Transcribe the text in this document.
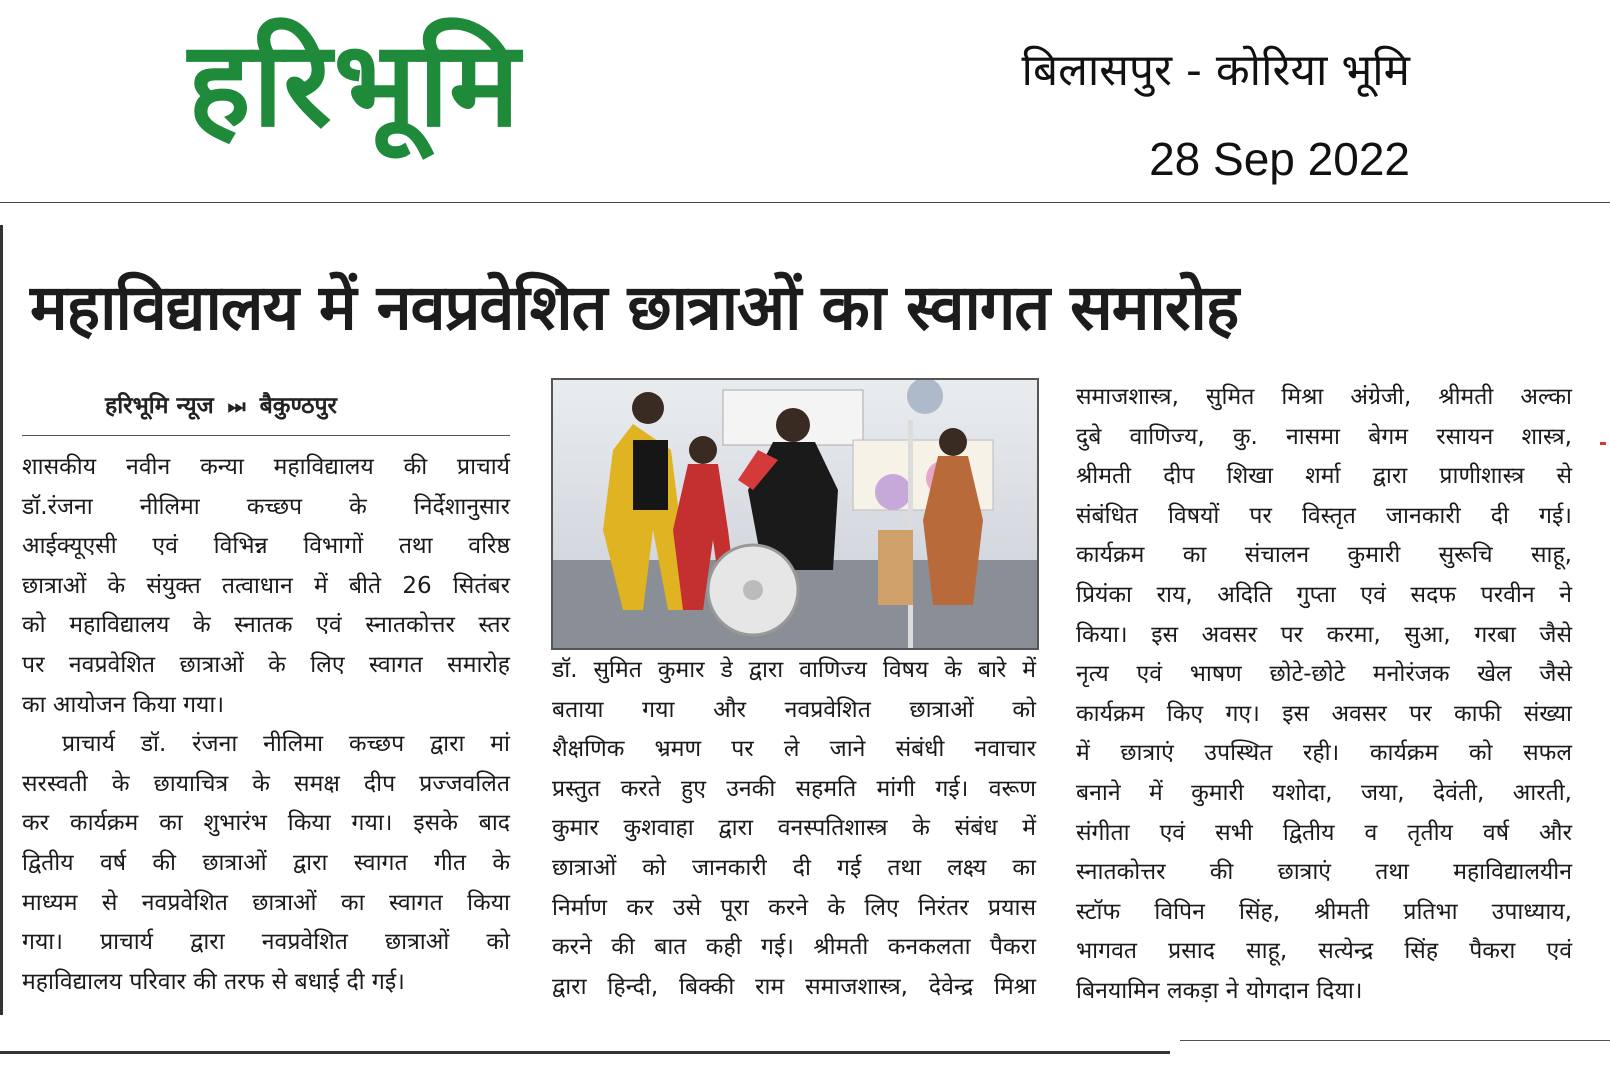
हरिभूमि	बिलासपुर - कोरिया भूमि
28 Sep 2022
महाविद्यालय में नवप्रवेशित छात्राओं का स्वागत समारोह
हरिभूमि न्यूज ⏭ बैकुण्ठपुर

शासकीय नवीन कन्या महाविद्यालय की प्राचार्य

डॉ.रंजना नीलिमा कच्छप के निर्देशानुसार

आईक्यूएसी एवं विभिन्न विभागों तथा वरिष्ठ

छात्राओं के संयुक्त तत्वाधान में बीते 26 सितंबर

को महाविद्यालय के स्नातक एवं स्नातकोत्तर स्तर

पर नवप्रवेशित छात्राओं के लिए स्वागत समारोह

का आयोजन किया गया।

प्राचार्य डॉ. रंजना नीलिमा कच्छप द्वारा मां

सरस्वती के छायाचित्र के समक्ष दीप प्रज्जवलित

कर कार्यक्रम का शुभारंभ किया गया। इसके बाद

द्वितीय वर्ष की छात्राओं द्वारा स्वागत गीत के

माध्यम से नवप्रवेशित छात्राओं का स्वागत किया

गया। प्राचार्य द्वारा नवप्रवेशित छात्राओं को

महाविद्यालय परिवार की तरफ से बधाई दी गई।

डॉ. सुमित कुमार डे द्वारा वाणिज्य विषय के बारे में

बताया गया और नवप्रवेशित छात्राओं को

शैक्षणिक भ्रमण पर ले जाने संबंधी नवाचार

प्रस्तुत करते हुए उनकी सहमति मांगी गई। वरूण

कुमार कुशवाहा द्वारा वनस्पतिशास्त्र के संबंध में

छात्राओं को जानकारी दी गई तथा लक्ष्य का

निर्माण कर उसे पूरा करने के लिए निरंतर प्रयास

करने की बात कही गई। श्रीमती कनकलता पैकरा

द्वारा हिन्दी, बिक्की राम समाजशास्त्र, देवेन्द्र मिश्रा

समाजशास्त्र, सुमित मिश्रा अंग्रेजी, श्रीमती अल्का

दुबे वाणिज्य, कु. नासमा बेगम रसायन शास्त्र,

श्रीमती दीप शिखा शर्मा द्वारा प्राणीशास्त्र से

संबंधित विषयों पर विस्तृत जानकारी दी गई।

कार्यक्रम का संचालन कुमारी सुरूचि साहू,

प्रियंका राय, अदिति गुप्ता एवं सदफ परवीन ने

किया। इस अवसर पर करमा, सुआ, गरबा जैसे

नृत्य एवं भाषण छोटे-छोटे मनोरंजक खेल जैसे

कार्यक्रम किए गए। इस अवसर पर काफी संख्या

में छात्राएं उपस्थित रही। कार्यक्रम को सफल

बनाने में कुमारी यशोदा, जया, देवंती, आरती,

संगीता एवं सभी द्वितीय व तृतीय वर्ष और

स्नातकोत्तर की छात्राएं तथा महाविद्यालयीन

स्टॉफ विपिन सिंह, श्रीमती प्रतिभा उपाध्याय,

भागवत प्रसाद साहू, सत्येन्द्र सिंह पैकरा एवं

बिनयामिन लकड़ा ने योगदान दिया।
